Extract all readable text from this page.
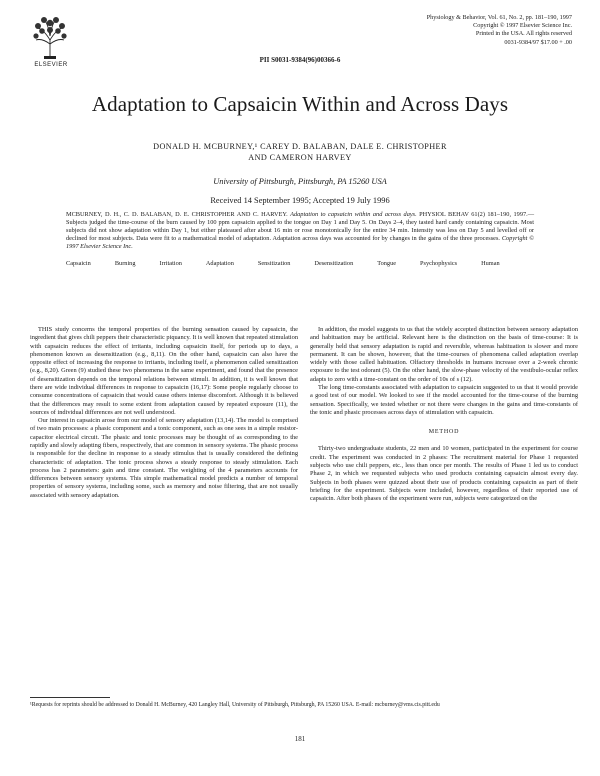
ELSEVIER
Physiology & Behavior, Vol. 61, No. 2, pp. 181–190, 1997
Copyright © 1997 Elsevier Science Inc.
Printed in the USA. All rights reserved
0031-9384/97 $17.00 + .00
PII S0031-9384(96)00366-6
Adaptation to Capsaicin Within and Across Days
DONALD H. MCBURNEY,¹ CAREY D. BALABAN, DALE E. CHRISTOPHER
AND CAMERON HARVEY
University of Pittsburgh, Pittsburgh, PA 15260 USA
Received 14 September 1995; Accepted 19 July 1996
MCBURNEY, D. H., C. D. BALABAN, D. E. CHRISTOPHER AND C. HARVEY. Adaptation to capsaicin within and across days. PHYSIOL BEHAV 61(2) 181–190, 1997.—Subjects judged the time-course of the burn caused by 100 ppm capsaicin applied to the tongue on Day 1 and Day 5. On Days 2–4, they tasted hard candy containing capsaicin. Most subjects did not show adaptation within Day 1, but either plateaued after about 16 min or rose monotonically for the entire 34 min. Intensity was less on Day 5 and levelled off or declined for most subjects. Data were fit to a mathematical model of adaptation. Adaptation across days was accounted for by changes in the gains of the three processes. Copyright © 1997 Elsevier Science Inc.
Capsaicin	Burning	Irritation	Adaptation	Sensitization	Desensitization	Tongue	Psychophysics	Human

THIS study concerns the temporal properties of the burning sensation caused by capsaicin, the ingredient that gives chili peppers their characteristic piquancy. It is well known that repeated stimulation with capsaicin reduces the effect of irritants, including capsaicin itself, for periods up to days, a phenomenon known as desensitization (e.g., 8,11). On the other hand, capsaicin can also have the opposite effect of increasing the response to irritants, including itself, a phenomenon called sensitization (e.g., 8,20). Green (9) studied these two phenomena in the same experiment, and found that the presence of desensitization depends on the temporal relations between stimuli. In addition, it is well known that there are wide individual differences in response to capsaicin (16,17): Some people regularly choose to consume concentrations of capsaicin that would cause others intense discomfort. Although it is believed that the differences may result to some extent from adaptation caused by repeated exposure (11), the sources of individual differences are not well understood.

Our interest in capsaicin arose from our model of sensory adaptation (13,14). The model is comprised of two main processes: a phasic component and a tonic component, such as one sees in a simple resistor-capacitor electrical circuit. The phasic and tonic processes may be thought of as corresponding to the rapidly and slowly adapting fibers, respectively, that are common in sensory systems. The phasic process is responsible for the decline in response to a steady stimulus that is usually considered the defining characteristic of adaptation. The tonic process shows a steady response to steady stimulation. Each process has 2 parameters: gain and time constant. The weighting of the 4 parameters accounts for differences between sensory systems. This simple mathematical model predicts a number of temporal properties of sensory systems, including some, such as memory and noise filtering, that are not usually associated with sensory adaptation.

In addition, the model suggests to us that the widely accepted distinction between sensory adaptation and habituation may be artificial. Relevant here is the distinction on the basis of time-course: It is generally held that sensory adaptation is rapid and reversible, whereas habituation is slower and more permanent. It can be shown, however, that the time-courses of phenomena called adaptation overlap widely with those called habituation. Olfactory thresholds in humans increase over a 2-week chronic exposure to the test odorant (5). On the other hand, the slow-phase velocity of the vestibulo-ocular reflex adapts to zero with a time-constant on the order of 10s of s (12).

The long time-constants associated with adaptation to capsaicin suggested to us that it would provide a good test of our model. We looked to see if the model accounted for the time-course of the burning sensation. Specifically, we tested whether or not there were changes in the gains and time-constants of the tonic and phasic processes across days of stimulation with capsaicin.

METHOD

Thirty-two undergraduate students, 22 men and 10 women, participated in the experiment for course credit. The experiment was conducted in 2 phases: The recruitment material for Phase 1 requested subjects who use chili peppers, etc., less than once per month. The results of Phase 1 led us to conduct Phase 2, in which we requested subjects who used products containing capsaicin almost every day. Subjects in both phases were quizzed about their use of products containing capsaicin as part of their briefing for the experiment. Subjects were included, however, regardless of their reported use of capsaicin. After both phases of the experiment were run, subjects were categorized on the

¹Requests for reprints should be addressed to Donald H. McBurney, 420 Langley Hall, University of Pittsburgh, Pittsburgh, PA 15260 USA. E-mail: mcburney@vms.cis.pitt.edu
181
